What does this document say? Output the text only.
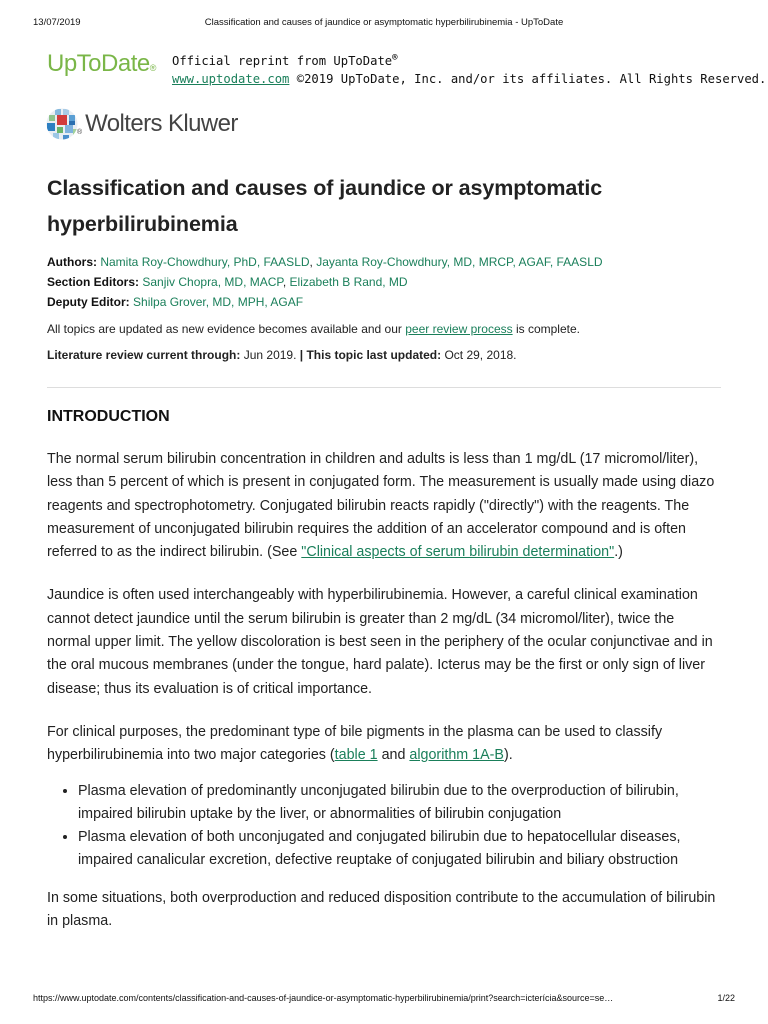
13/07/2019	Classification and causes of jaundice or asymptomatic hyperbilirubinemia - UpToDate
UpToDate® Official reprint from UpToDate®
www.uptodate.com ©2019 UpToDate, Inc. and/or its affiliates. All Rights Reserved.
® Wolters Kluwer
Classification and causes of jaundice or asymptomatic hyperbilirubinemia
Authors: Namita Roy-Chowdhury, PhD, FAASLD, Jayanta Roy-Chowdhury, MD, MRCP, AGAF, FAASLD
Section Editors: Sanjiv Chopra, MD, MACP, Elizabeth B Rand, MD
Deputy Editor: Shilpa Grover, MD, MPH, AGAF
All topics are updated as new evidence becomes available and our peer review process is complete.
Literature review current through: Jun 2019. | This topic last updated: Oct 29, 2018.
INTRODUCTION

The normal serum bilirubin concentration in children and adults is less than 1 mg/dL (17 micromol/liter), less than 5 percent of which is present in conjugated form. The measurement is usually made using diazo reagents and spectrophotometry. Conjugated bilirubin reacts rapidly ("directly") with the reagents. The measurement of unconjugated bilirubin requires the addition of an accelerator compound and is often referred to as the indirect bilirubin. (See "Clinical aspects of serum bilirubin determination".)

Jaundice is often used interchangeably with hyperbilirubinemia. However, a careful clinical examination cannot detect jaundice until the serum bilirubin is greater than 2 mg/dL (34 micromol/liter), twice the normal upper limit. The yellow discoloration is best seen in the periphery of the ocular conjunctivae and in the oral mucous membranes (under the tongue, hard palate). Icterus may be the first or only sign of liver disease; thus its evaluation is of critical importance.

For clinical purposes, the predominant type of bile pigments in the plasma can be used to classify hyperbilirubinemia into two major categories (table 1 and algorithm 1A-B).

• Plasma elevation of predominantly unconjugated bilirubin due to the overproduction of bilirubin, impaired bilirubin uptake by the liver, or abnormalities of bilirubin conjugation
• Plasma elevation of both unconjugated and conjugated bilirubin due to hepatocellular diseases, impaired canalicular excretion, defective reuptake of conjugated bilirubin and biliary obstruction

In some situations, both overproduction and reduced disposition contribute to the accumulation of bilirubin in plasma.

https://www.uptodate.com/contents/classification-and-causes-of-jaundice-or-asymptomatic-hyperbilirubinemia/print?search=icterícia&source=se…	1/22
